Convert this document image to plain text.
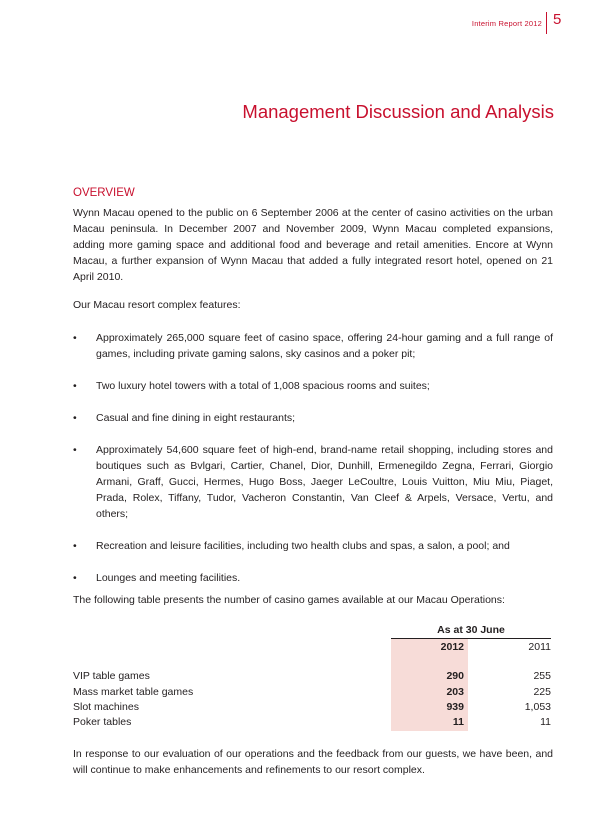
Interim Report 2012 5
Management Discussion and Analysis
OVERVIEW

Wynn Macau opened to the public on 6 September 2006 at the center of casino activities on the urban Macau peninsula. In December 2007 and November 2009, Wynn Macau completed expansions, adding more gaming space and additional food and beverage and retail amenities. Encore at Wynn Macau, a further expansion of Wynn Macau that added a fully integrated resort hotel, opened on 21 April 2010.

Our Macau resort complex features:

• Approximately 265,000 square feet of casino space, offering 24-hour gaming and a full range of games, including private gaming salons, sky casinos and a poker pit;
• Two luxury hotel towers with a total of 1,008 spacious rooms and suites;
• Casual and fine dining in eight restaurants;
• Approximately 54,600 square feet of high-end, brand-name retail shopping, including stores and boutiques such as Bvlgari, Cartier, Chanel, Dior, Dunhill, Ermenegildo Zegna, Ferrari, Giorgio Armani, Graff, Gucci, Hermes, Hugo Boss, Jaeger LeCoultre, Louis Vuitton, Miu Miu, Piaget, Prada, Rolex, Tiffany, Tudor, Vacheron Constantin, Van Cleef & Arpels, Versace, Vertu, and others;
• Recreation and leisure facilities, including two health clubs and spas, a salon, a pool; and
• Lounges and meeting facilities.

The following table presents the number of casino games available at our Macau Operations:

As at 30 June
2012	2011
VIP table games	290	255
Mass market table games	203	225
Slot machines	939	1,053
Poker tables	11	11

In response to our evaluation of our operations and the feedback from our guests, we have been, and will continue to make enhancements and refinements to our resort complex.
